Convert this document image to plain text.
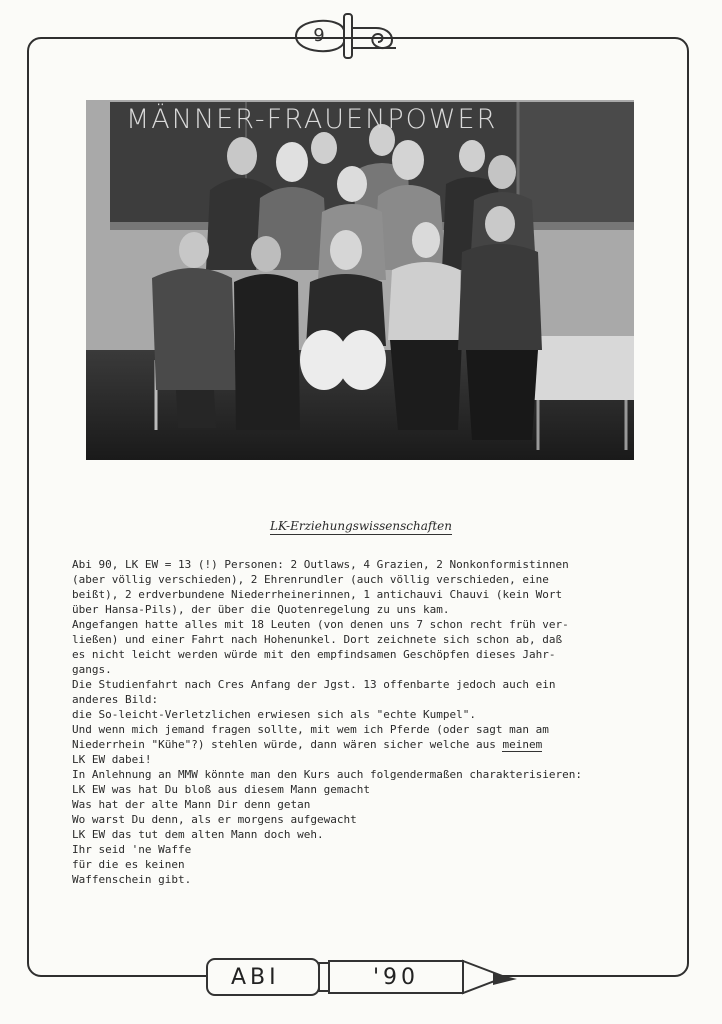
9
MÄNNER-FRAUENPOWER
LK-Erziehungswissenschaften
Abi 90, LK EW = 13 (!) Personen: 2 Outlaws, 4 Grazien, 2 Nonkonformistinnen
(aber völlig verschieden), 2 Ehrenrundler (auch völlig verschieden, eine
beißt), 2 erdverbundene Niederrheinerinnen, 1 antichauvi Chauvi (kein Wort
über Hansa-Pils), der über die Quotenregelung zu uns kam.
Angefangen hatte alles mit 18 Leuten (von denen uns 7 schon recht früh ver-
ließen) und einer Fahrt nach Hohenunkel. Dort zeichnete sich schon ab, daß
es nicht leicht werden würde mit den empfindsamen Geschöpfen dieses Jahr-
gangs.
Die Studienfahrt nach Cres Anfang der Jgst. 13 offenbarte jedoch auch ein
anderes Bild:
die So-leicht-Verletzlichen erwiesen sich als "echte Kumpel".
Und wenn mich jemand fragen sollte, mit wem ich Pferde (oder sagt man am
Niederrhein "Kühe"?) stehlen würde, dann wären sicher welche aus meinem
LK EW dabei!
In Anlehnung an MMW könnte man den Kurs auch folgendermaßen charakterisieren:
LK EW was hat Du bloß aus diesem Mann gemacht
Was hat der alte Mann Dir denn getan
Wo warst Du denn, als er morgens aufgewacht
LK EW das tut dem alten Mann doch weh.
Ihr seid 'ne Waffe
für die es keinen
Waffenschein gibt.
ABI	'90
